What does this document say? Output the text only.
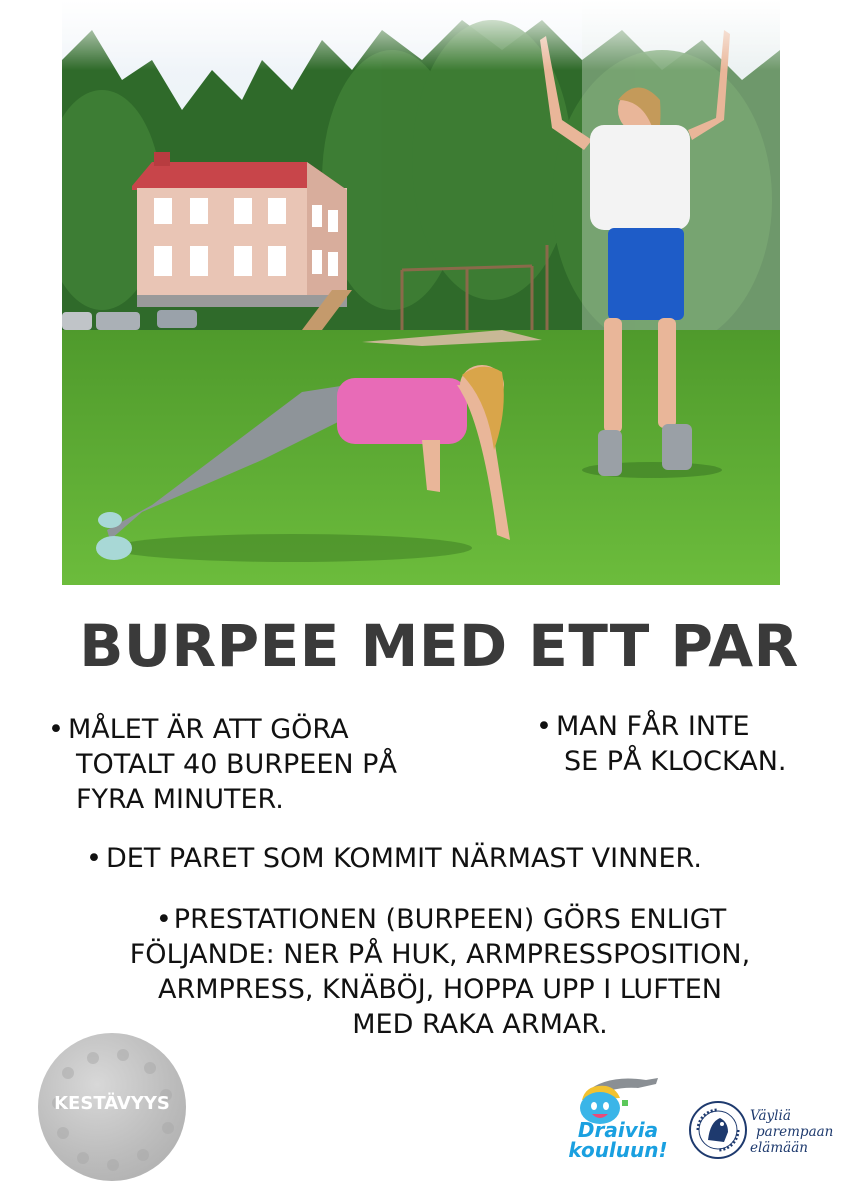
BURPEE MED ETT PAR
• MÅLET ÄR ATT GÖRA
TOTALT 40 BURPEEN PÅ
FYRA MINUTER.
• MAN FÅR INTE
SE PÅ KLOCKAN.
• DET PARET SOM KOMMIT NÄRMAST VINNER.
•PRESTATIONEN (BURPEEN) GÖRS ENLIGT
FÖLJANDE: NER PÅ HUK, ARMPRESSPOSITION,
ARMPRESS, KNÄBÖJ, HOPPA UPP I LUFTEN
MED RAKA ARMAR.
KESTÄVYYS
Draivia
kouluun!
Väyliä
parempaan
elämään
